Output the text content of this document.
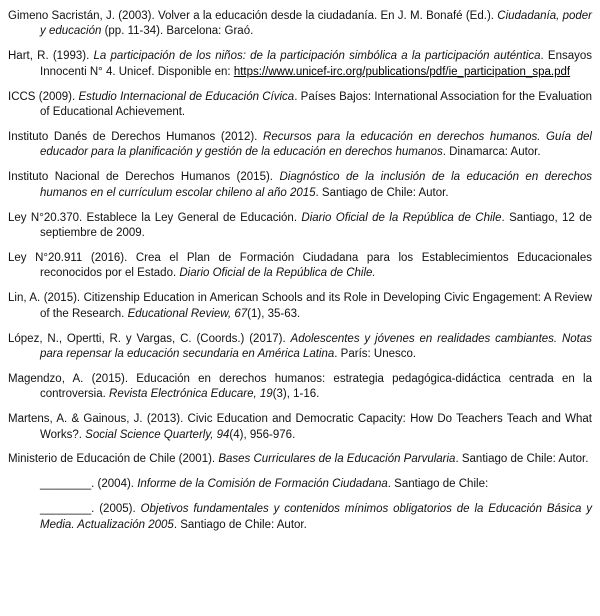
Gimeno Sacristán, J. (2003). Volver a la educación desde la ciudadanía. En J. M. Bonafé (Ed.). Ciudadanía, poder y educación (pp. 11-34). Barcelona: Graó.

Hart, R. (1993). La participación de los niños: de la participación simbólica a la participación auténtica. Ensayos Innocenti N° 4. Unicef. Disponible en: https://www.unicef-irc.org/publications/pdf/ie_participation_spa.pdf

ICCS (2009). Estudio Internacional de Educación Cívica. Países Bajos: International Association for the Evaluation of Educational Achievement.

Instituto Danés de Derechos Humanos (2012). Recursos para la educación en derechos humanos. Guía del educador para la planificación y gestión de la educación en derechos humanos. Dinamarca: Autor.

Instituto Nacional de Derechos Humanos (2015). Diagnóstico de la inclusión de la educación en derechos humanos en el currículum escolar chileno al año 2015. Santiago de Chile: Autor.

Ley N°20.370. Establece la Ley General de Educación. Diario Oficial de la República de Chile. Santiago, 12 de septiembre de 2009.

Ley N°20.911 (2016). Crea el Plan de Formación Ciudadana para los Establecimientos Educacionales reconocidos por el Estado. Diario Oficial de la República de Chile.

Lin, A. (2015). Citizenship Education in American Schools and its Role in Developing Civic Engagement: A Review of the Research. Educational Review, 67(1), 35-63.

López, N., Opertti, R. y Vargas, C. (Coords.) (2017). Adolescentes y jóvenes en realidades cambiantes. Notas para repensar la educación secundaria en América Latina. París: Unesco.

Magendzo, A. (2015). Educación en derechos humanos: estrategia pedagógica-didáctica centrada en la controversia. Revista Electrónica Educare, 19(3), 1-16.

Martens, A. & Gainous, J. (2013). Civic Education and Democratic Capacity: How Do Teachers Teach and What Works?. Social Science Quarterly, 94(4), 956-976.

Ministerio de Educación de Chile (2001). Bases Curriculares de la Educación Parvularia. Santiago de Chile: Autor.

________. (2004). Informe de la Comisión de Formación Ciudadana. Santiago de Chile:

________. (2005). Objetivos fundamentales y contenidos mínimos obligatorios de la Educación Básica y Media. Actualización 2005. Santiago de Chile: Autor.
